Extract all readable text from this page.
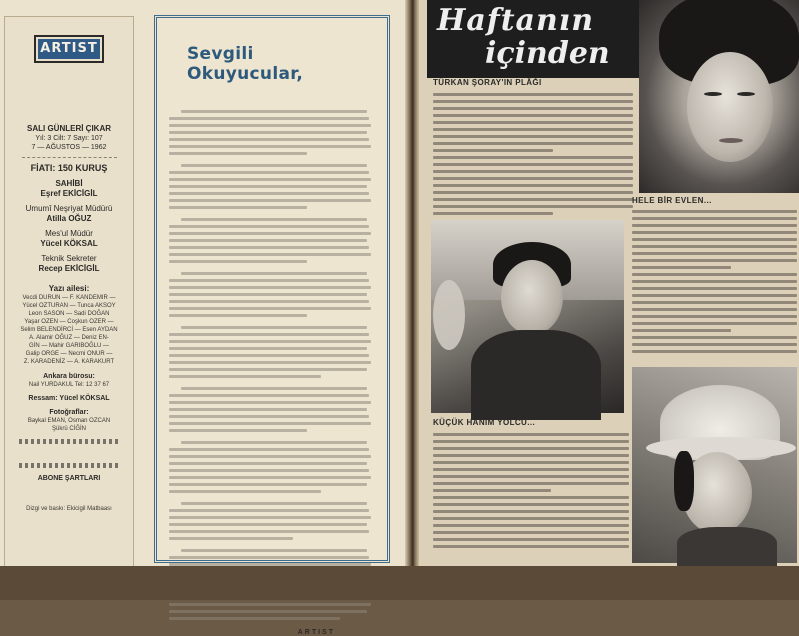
ARTIST

SALI GÜNLERİ ÇIKAR
Yıl: 3 Cilt: 7 Sayı: 107
7 — AĞUSTOS — 1962
FİATI: 150 KURUŞ
SAHİBİ
Eşref EKİCİGİL
Umumî Neşriyat Müdürü
Atilla OĞUZ
Mes'ul Müdür
Yücel KÖKSAL
Teknik Sekreter
Recep EKİCİGİL
Yazı ailesi:
Vecdi DURUN — F. KANDEMIR —
Yücel OZTURAN — Tunca AKSOY
Leon SASON — Sadi DOĞAN
Yaşar OZEN — Coşkun OZER —
Selim BELENDİRCİ — Esen AYDAN
A. Alamir OĞUZ — Deniz EN-
GİN — Mahir GARIBOĞLU —
Galip ORGE — Necmi ONUR —
Z. KARADENİZ — A. KARAKURT
Ankara bürosu:
Nail YURDAKUL Tel: 12 37 67
Ressam: Yücel KÖKSAL
Fotoğraflar:
Baykal EMAN, Osman OZCAN
Şükrü CİĞİN

ABONE ŞARTLARI
Dizgi ve baskı: Ekicigil Matbaası
Sevgili Okuyucular,
ARTIST
Haftanın
içinden
TÜRKAN ŞORAY'IN PLÂĞI
HELE BİR EVLEN...
KÜÇÜK HANIM YOLCU...
